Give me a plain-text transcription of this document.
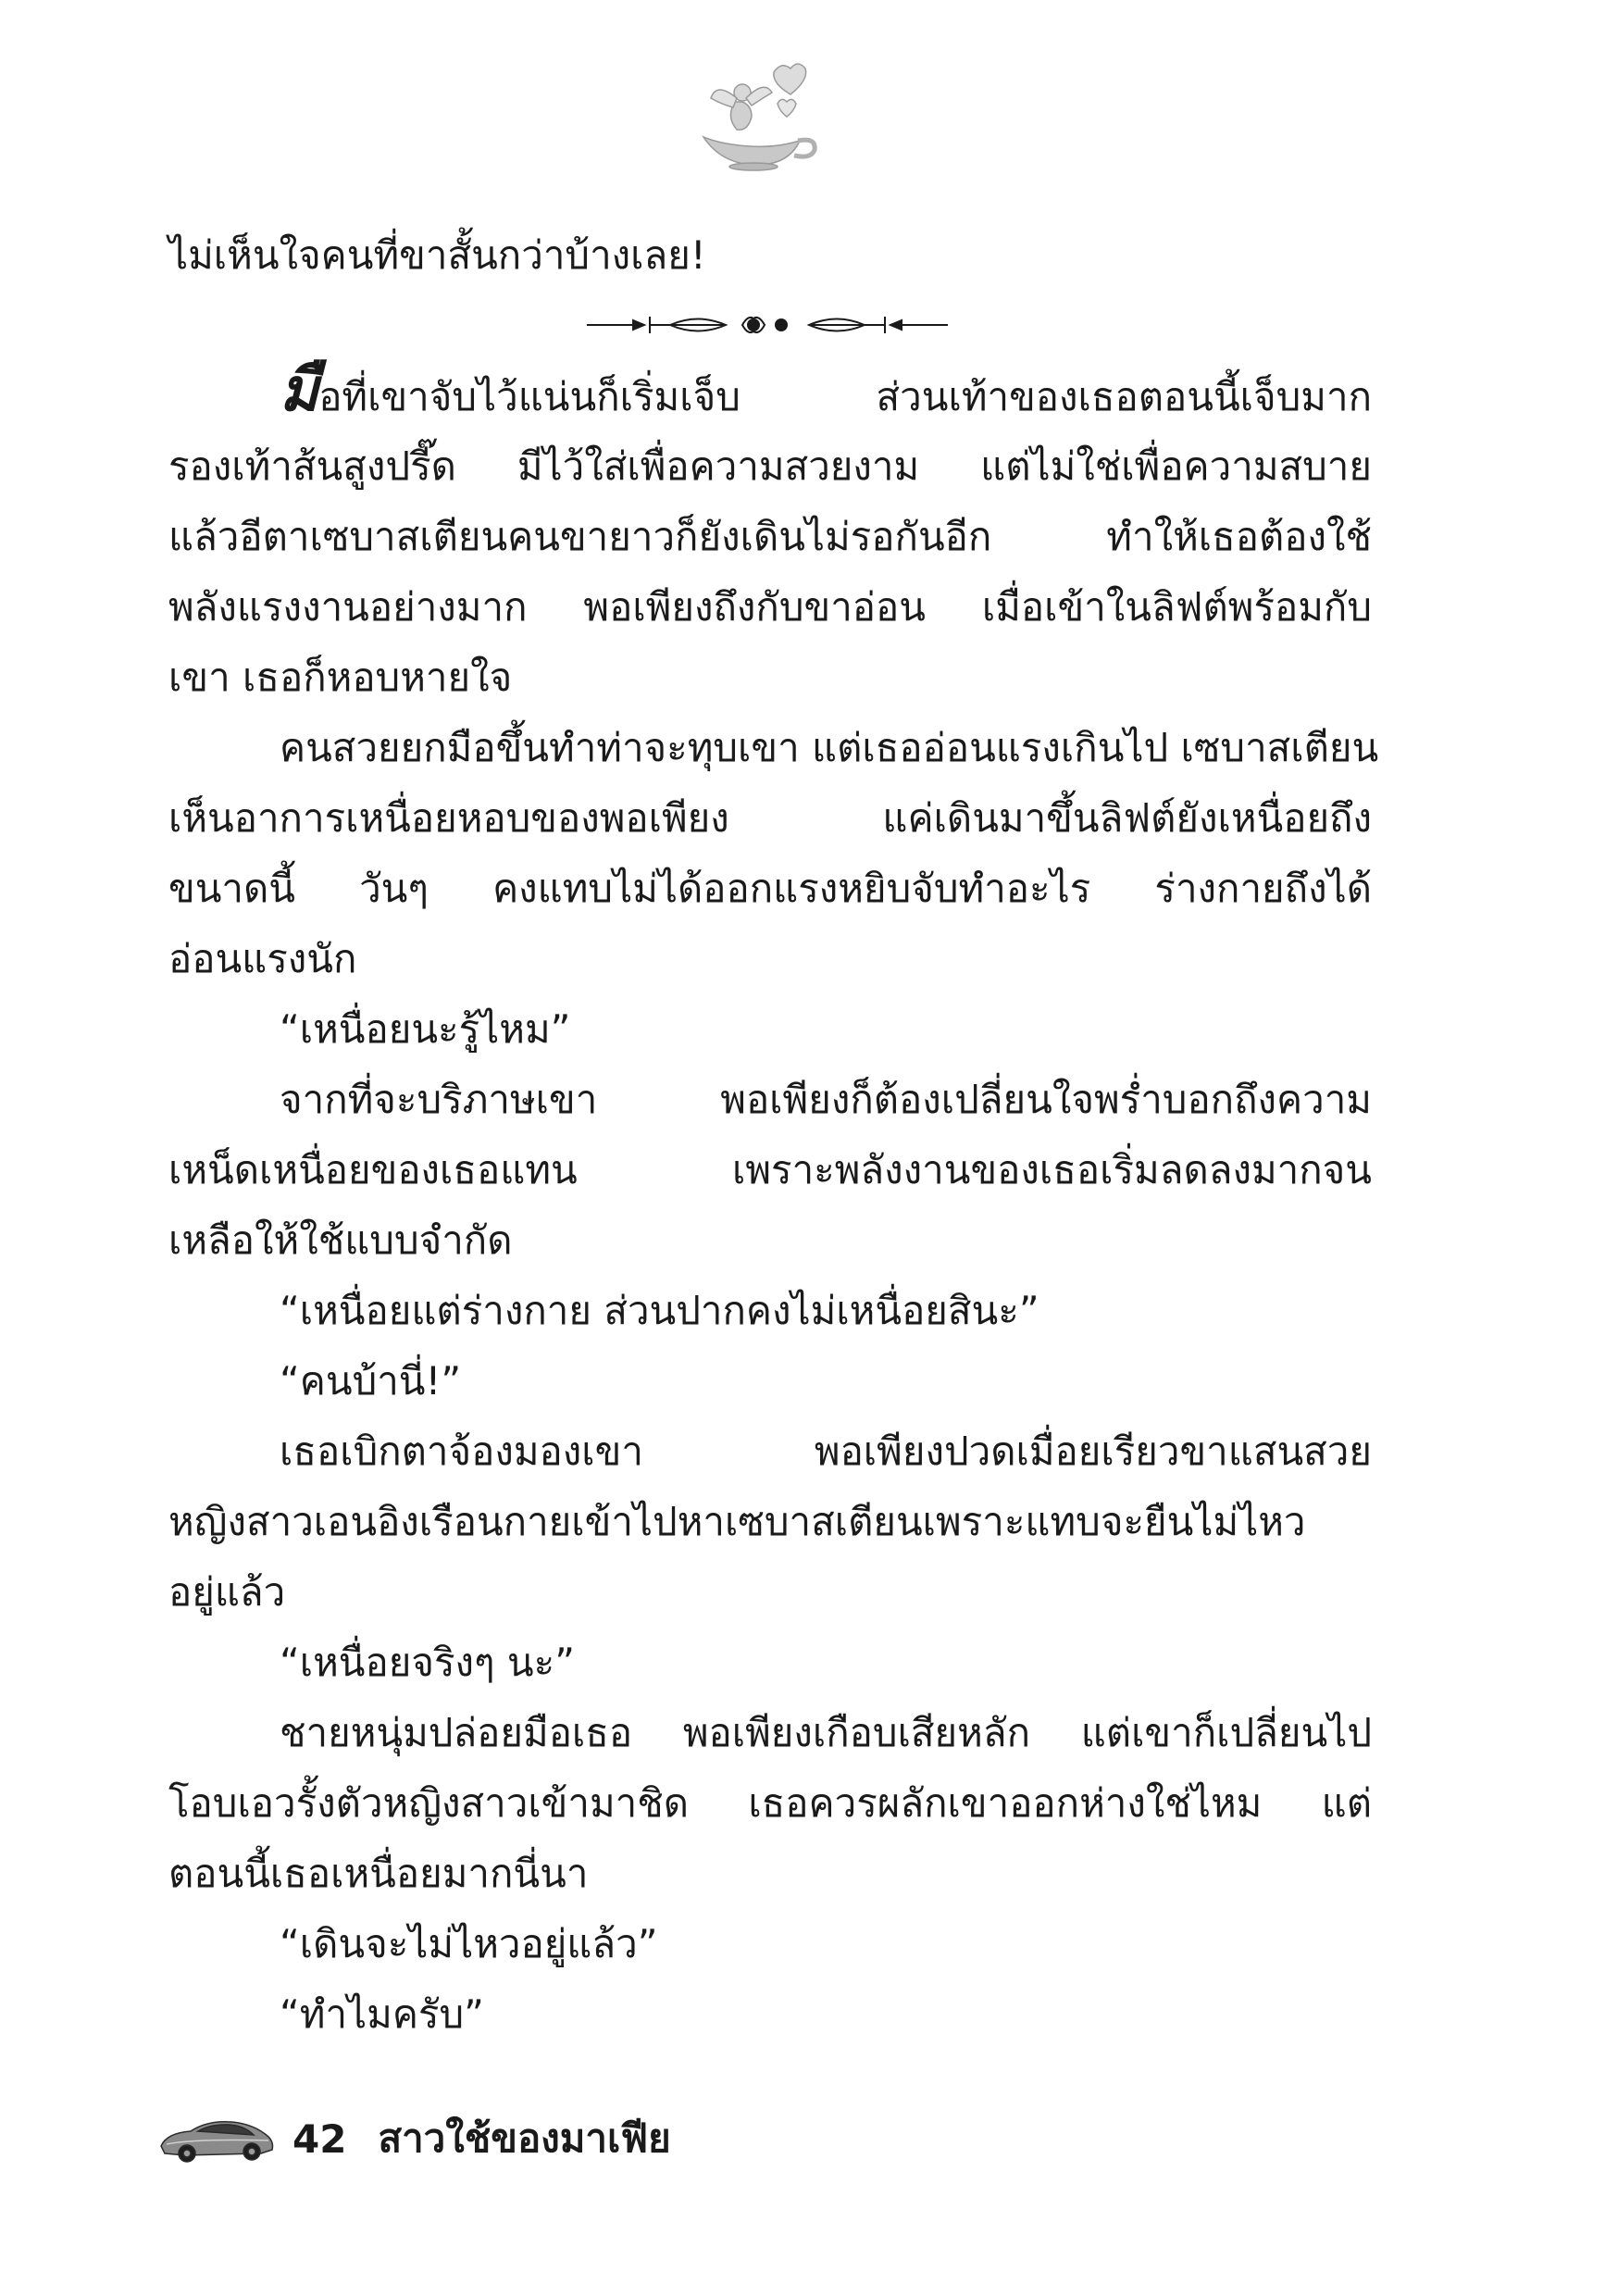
ไม่เห็นใจคนที่ขาสั้นกว่าบ้างเลย!
มือที่เขาจับไว้แน่นก็เริ่มเจ็บ ส่วนเท้าของเธอตอนนี้เจ็บมาก
รองเท้าส้นสูงปรี๊ด มีไว้ใส่เพื่อความสวยงาม แต่ไม่ใช่เพื่อความสบาย
แล้วอีตาเซบาสเตียนคนขายาวก็ยังเดินไม่รอกันอีก ทำให้เธอต้องใช้
พลังแรงงานอย่างมาก พอเพียงถึงกับขาอ่อน เมื่อเข้าในลิฟต์พร้อมกับ
เขา เธอก็หอบหายใจ
คนสวยยกมือขึ้นทำท่าจะทุบเขา แต่เธออ่อนแรงเกินไป เซบาสเตียน
เห็นอาการเหนื่อยหอบของพอเพียง แค่เดินมาขึ้นลิฟต์ยังเหนื่อยถึง
ขนาดนี้ วันๆ คงแทบไม่ได้ออกแรงหยิบจับทำอะไร ร่างกายถึงได้
อ่อนแรงนัก
“เหนื่อยนะรู้ไหม”
จากที่จะบริภาษเขา พอเพียงก็ต้องเปลี่ยนใจพร่ำบอกถึงความ
เหน็ดเหนื่อยของเธอแทน เพราะพลังงานของเธอเริ่มลดลงมากจน
เหลือให้ใช้แบบจำกัด
“เหนื่อยแต่ร่างกาย ส่วนปากคงไม่เหนื่อยสินะ”
“คนบ้านี่!”
เธอเบิกตาจ้องมองเขา พอเพียงปวดเมื่อยเรียวขาแสนสวย
หญิงสาวเอนอิงเรือนกายเข้าไปหาเซบาสเตียนเพราะแทบจะยืนไม่ไหว
อยู่แล้ว
“เหนื่อยจริงๆ นะ”
ชายหนุ่มปล่อยมือเธอ พอเพียงเกือบเสียหลัก แต่เขาก็เปลี่ยนไป
โอบเอวรั้งตัวหญิงสาวเข้ามาชิด เธอควรผลักเขาออกห่างใช่ไหม แต่
ตอนนี้เธอเหนื่อยมากนี่นา
“เดินจะไม่ไหวอยู่แล้ว”
“ทำไมครับ”
42 สาวใช้ของมาเฟีย
